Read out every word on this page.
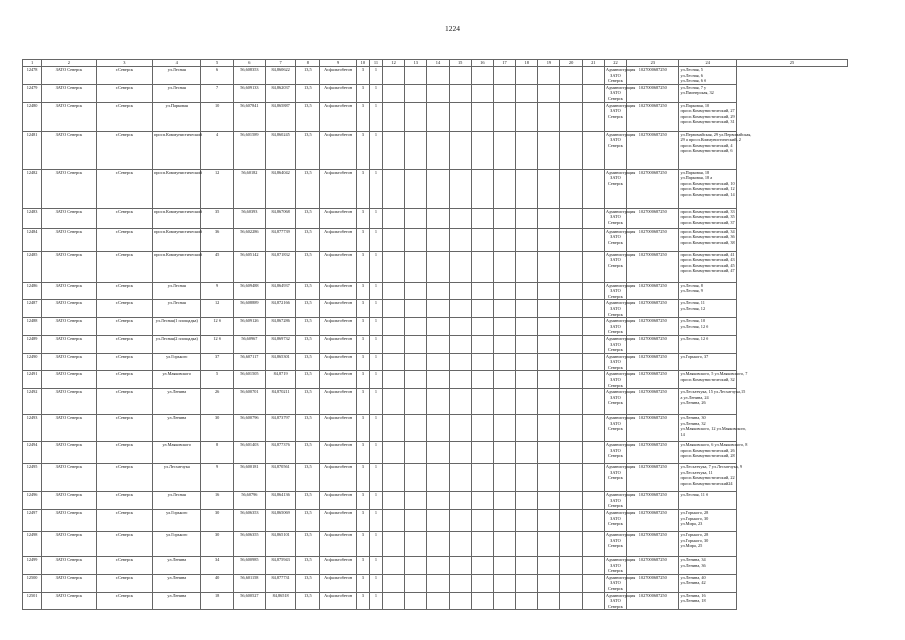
1224
1	2	3	4	5	6	7	8	9	10	11	12	13	14	15	16	17	18	19	20	21	22	23	24	25
12478	ЗАТО Северск	г.Северск	ул.Лесная	6	56,608353	84,860622	13,5	Асфальтобетон	3	1											Администрация ЗАТО Северск	1027000687250	ул.Лесная, 5
ул.Лесная, 6
ул.Лесная, 6 б	

12479	ЗАТО Северск	г.Северск	ул.Лесная	7	56,609133	84,862037	13,5	Асфальтобетон	3	1											Администрация ЗАТО Северск	1027000687250	ул.Лесная, 7 у
ул.Пионерская, 32	

12480	ЗАТО Северск	г.Северск	ул.Парковая	10	56,607841	84,865887	13,5	Асфальтобетон	3	1											Администрация ЗАТО Северск	1027000687250	ул.Парковая, 10
просп.Коммунистический, 27
просп.Коммунистический, 29
просп.Коммунистический, 31	

12481	ЗАТО Северск	г.Северск	просп.Коммунистический	4	56,601589	84,860245	13,5	Асфальтобетон	3	1											Администрация ЗАТО Северск	1027000687250	ул.Первомайская, 29 ул.Первомайская,
29 а просп.Коммунистический, 2
просп.Коммунистический, 4
просп.Коммунистический, 6	

12482	ЗАТО Северск	г.Северск	просп.Коммунистический	12	56,60182	84,864042	13,5	Асфальтобетон	3	1											Администрация ЗАТО Северск	1027000687250	ул.Парковая, 18
ул.Парковая, 18 а
просп.Коммунистический, 10
просп.Коммунистический, 12
просп.Коммунистический, 14	

12483	ЗАТО Северск	г.Северск	просп.Коммунистический	35	56,60393	84,867068	13,5	Асфальтобетон	3	1											Администрация ЗАТО Северск	1027000687250	просп.Коммунистический, 33
просп.Коммунистический, 35
просп.Коммунистический, 37	

12484	ЗАТО Северск	г.Северск	просп.Коммунистический	36	56,602286	84,877739	13,5	Асфальтобетон	3	1											Администрация ЗАТО Северск	1027000687250	просп.Коммунистический, 34
просп.Коммунистический, 36
просп.Коммунистический, 38	

12485	ЗАТО Северск	г.Северск	просп.Коммунистический	45	56,605142	84,871832	13,5	Асфальтобетон	3	1											Администрация ЗАТО Северск	1027000687250	просп.Коммунистический, 41
просп.Коммунистический, 43
просп.Коммунистический, 45
просп.Коммунистический, 47	

12486	ЗАТО Северск	г.Северск	ул.Лесная	9	56,609488	84,864937	13,5	Асфальтобетон	3	1											Администрация ЗАТО Северск	1027000687250	ул.Лесная, 8
ул.Лесная, 9	

12487	ЗАТО Северск	г.Северск	ул.Лесная	12	56,608889	84,872166	13,5	Асфальтобетон	3	1											Администрация ЗАТО Северск	1027000687250	ул.Лесная, 11
ул.Лесная, 12	

12488	ЗАТО Северск	г.Северск	ул.Лесная(1 площадка)	12 б	56,609126	84,867286	13,5	Асфальтобетон	3	1											Администрация ЗАТО Северск	1027000687250	ул.Лесная, 10
ул.Лесная, 12 б	

12489	ЗАТО Северск	г.Северск	ул.Лесная(2 площадка)	12 б	56,60967	84,869732	13,5	Асфальтобетон	3	1											Администрация ЗАТО Северск	1027000687250	ул.Лесная, 12 б	

12490	ЗАТО Северск	г.Северск	ул.Горького	37	56,607117	84,865301	13,5	Асфальтобетон	3	1											Администрация ЗАТО Северск	1027000687250	ул.Горького, 37	

12491	ЗАТО Северск	г.Северск	ул.Маяковского	5	56,601505	84,8719	13,5	Асфальтобетон	3	1											Администрация ЗАТО Северск	1027000687250	ул.Маяковского, 5 ул.Маяковского, 7
просп.Коммунистический, 32	

12492	ЗАТО Северск	г.Северск	ул.Ленина	26	56,600701	84,870211	13,5	Асфальтобетон	3	1											Администрация ЗАТО Северск	1027000687250	ул.Лесхатчука, 15 ул.Лесхатчука,15
а ул.Ленина, 24
ул.Ленина, 26	

12493	ЗАТО Северск	г.Северск	ул.Ленина	30	56,600796	84,873797	13,5	Асфальтобетон	3	1											Администрация ЗАТО Северск	1027000687250	ул.Ленина, 30
ул.Ленина, 32
ул.Маяковского, 12 ул.Маяковского,
14	

12494	ЗАТО Северск	г.Северск	ул.Маяковского	8	56,601403	84,877376	13,5	Асфальтобетон	3	1											Администрация ЗАТО Северск	1027000687250	ул.Маяковского, 6 ул.Маяковского, 8
просп.Коммунистический, 26
просп.Коммунистический, 28	

12495	ЗАТО Северск	г.Северск	ул.Лесхатчука	9	56,600181	84,870561	13,5	Асфальтобетон	3	1											Администрация ЗАТО Северск	1027000687250	ул.Лесхатчука, 7 ул.Лесхатчука, 9
ул.Лесхатчука, 11
просп.Коммунистический, 22
просп.Коммунистический24	

12496	ЗАТО Северск	г.Северск	ул.Лесная	16	56,60796	84,864136	13,5	Асфальтобетон	3	1											Администрация ЗАТО Северск	1027000687250	ул.Лесная, 11 б	

12497	ЗАТО Северск	г.Северск	ул.Горького	30	56,606353	84,865069	13,5	Асфальтобетон	3	1											Администрация ЗАТО Северск	1027000687250	ул.Горького, 28
ул.Горького, 30
ул.Мира, 23	

12498	ЗАТО Северск	г.Северск	ул.Горького	30	56,606355	84,865101	13,5	Асфальтобетон	3	1											Администрация ЗАТО Северск	1027000687250	ул.Горького, 28
ул.Горького, 30
ул.Мира, 25	

12499	ЗАТО Северск	г.Северск	ул.Ленина	34	56,600985	84,875943	13,5	Асфальтобетон	3	1											Администрация ЗАТО Северск	1027000687250	ул.Ленина, 34
ул.Ленина, 36	

12500	ЗАТО Северск	г.Северск	ул.Ленина	40	56,601158	84,877731	13,5	Асфальтобетон	3	1											Администрация ЗАТО Северск	1027000687250	ул.Ленина, 40
ул.Ленина, 42	

12501	ЗАТО Северск	г.Северск	ул.Ленина	18	56,600527	84,86518	13,5	Асфальтобетон	3	1											Администрация ЗАТО Северск	1027000687250	ул.Ленина, 16
ул.Ленина, 18	
